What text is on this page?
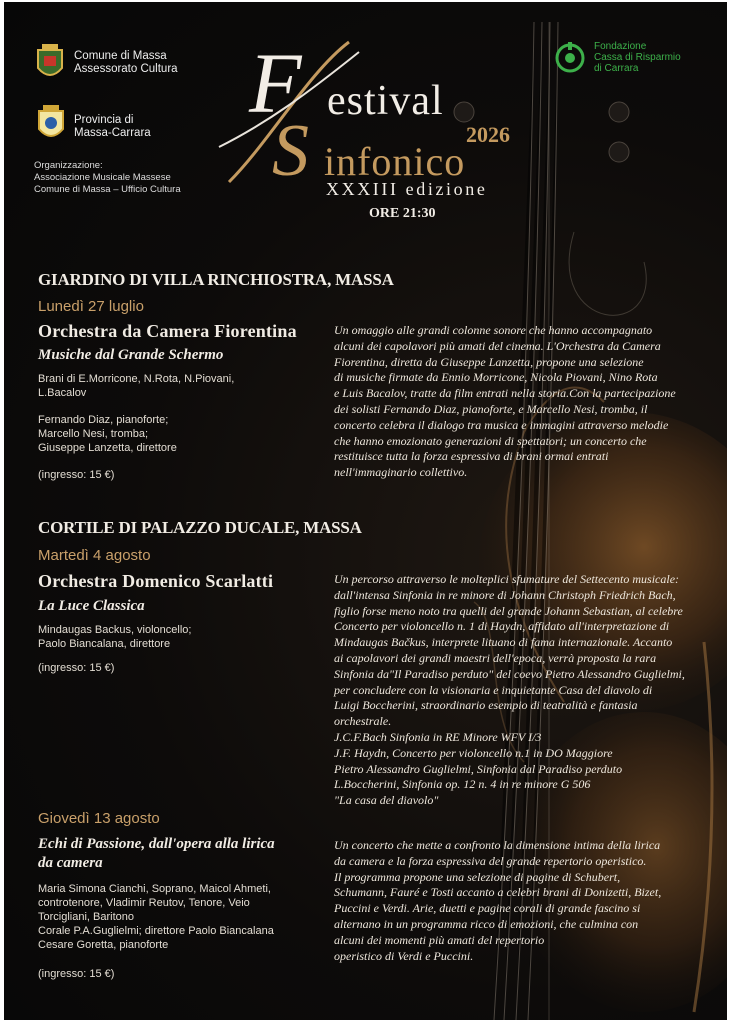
Comune di Massa
Assessorato Cultura
Provincia di
Massa-Carrara
Organizzazione:
Associazione Musicale Massese
Comune di Massa – Ufficio Cultura
Fondazione
Cassa di Risparmio
di Carrara
F estival
S infonico
2026
XXXIII edizione
ORE 21:30
GIARDINO DI VILLA RINCHIOSTRA, MASSA
Lunedì 27 luglio
Orchestra da Camera Fiorentina
Musiche dal Grande Schermo
Brani di E.Morricone, N.Rota, N.Piovani,
L.Bacalov
Fernando Diaz, pianoforte;
Marcello Nesi, tromba;
Giuseppe Lanzetta, direttore
(ingresso: 15 €)
Un omaggio alle grandi colonne sonore che hanno accompagnato
alcuni dei capolavori più amati del cinema. L'Orchestra da Camera
Fiorentina, diretta da Giuseppe Lanzetta, propone una selezione
di musiche firmate da Ennio Morricone, Nicola Piovani, Nino Rota
e Luis Bacalov, tratte da film entrati nella storia.Con la partecipazione
dei solisti Fernando Diaz, pianoforte, e Marcello Nesi, tromba, il
concerto celebra il dialogo tra musica e immagini attraverso melodie
che hanno emozionato generazioni di spettatori; un concerto che
restituisce tutta la forza espressiva di brani ormai entrati
nell'immaginario collettivo.
CORTILE DI PALAZZO DUCALE, MASSA
Martedì 4 agosto
Orchestra Domenico Scarlatti
La Luce Classica
Mindaugas Backus, violoncello;
Paolo Biancalana, direttore
(ingresso: 15 €)
Un percorso attraverso le molteplici sfumature del Settecento musicale:
dall'intensa Sinfonia in re minore di Johann Christoph Friedrich Bach,
figlio forse meno noto tra quelli del grande Johann Sebastian, al celebre
Concerto per violoncello n. 1 di Haydn, affidato all'interpretazione di
Mindaugas Bačkus, interprete lituano di fama internazionale. Accanto
ai capolavori dei grandi maestri dell'epoca, verrà proposta la rara
Sinfonia da"Il Paradiso perduto" del coevo Pietro Alessandro Guglielmi,
per concludere con la visionaria e inquietante Casa del diavolo di
Luigi Boccherini, straordinario esempio di teatralità e fantasia
orchestrale.
J.C.F.Bach Sinfonia in RE Minore WFV I/3
J.F. Haydn, Concerto per violoncello n.1 in DO Maggiore
Pietro Alessandro Guglielmi, Sinfonia dal Paradiso perduto
L.Boccherini, Sinfonia op. 12 n. 4 in re minore G 506
"La casa del diavolo"
Giovedì 13 agosto
Echi di Passione, dall'opera alla lirica
da camera
Maria Simona Cianchi, Soprano, Maicol Ahmeti,
controtenore, Vladimir Reutov, Tenore, Veio
Torcigliani, Baritono
Corale P.A.Guglielmi; direttore Paolo Biancalana
Cesare Goretta, pianoforte
(ingresso: 15 €)
Un concerto che mette a confronto la dimensione intima della lirica
da camera e la forza espressiva del grande repertorio operistico.
Il programma propone una selezione di pagine di Schubert,
Schumann, Fauré e Tosti accanto a celebri brani di Donizetti, Bizet,
Puccini e Verdi. Arie, duetti e pagine corali di grande fascino si
alternano in un programma ricco di emozioni, che culmina con
alcuni dei momenti più amati del repertorio
operistico di Verdi e Puccini.
